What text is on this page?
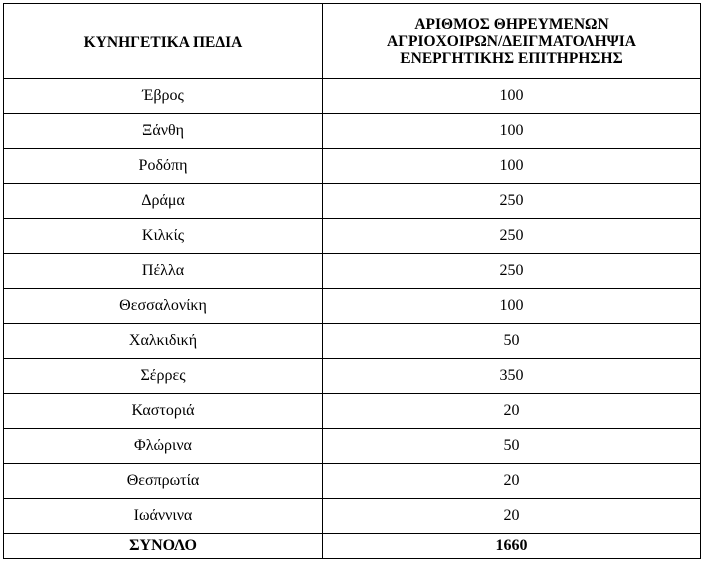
ΚΥΝΗΓΕΤΙΚΑ ΠΕΔΙΑ	ΑΡΙΘΜΟΣ ΘΗΡΕΥΜΕΝΩΝ
ΑΓΡΙΟΧΟΙΡΩΝ/ΔΕΙΓΜΑΤΟΛΗΨΙΑ
ΕΝΕΡΓΗΤΙΚΗΣ ΕΠΙΤΗΡΗΣΗΣ
Έβρος	100
Ξάνθη	100
Ροδόπη	100
Δράμα	250
Κιλκίς	250
Πέλλα	250
Θεσσαλονίκη	100
Χαλκιδική	50
Σέρρες	350
Καστοριά	20
Φλώρινα	50
Θεσπρωτία	20
Ιωάννινα	20
ΣΥΝΟΛΟ	1660
